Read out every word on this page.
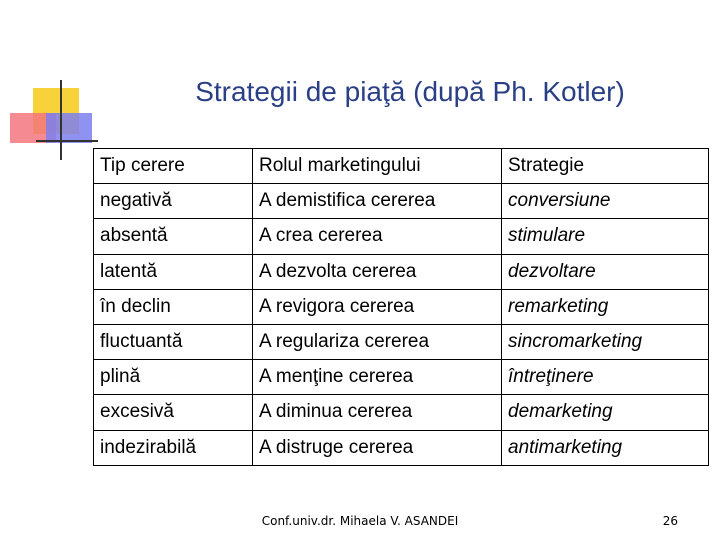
Strategii de piaţă (după Ph. Kotler)
Tip cerere	Rolul marketingului	Strategie
negativă	A demistifica cererea	conversiune
absentă	A crea cererea	stimulare
latentă	A dezvolta cererea	dezvoltare
în declin	A revigora cererea	remarketing
fluctuantă	A regulariza cererea	sincromarketing
plină	A menţine cererea	întreţinere
excesivă	A diminua cererea	demarketing
indezirabilă	A distruge cererea	antimarketing
Conf.univ.dr. Mihaela V. ASANDEI	26
